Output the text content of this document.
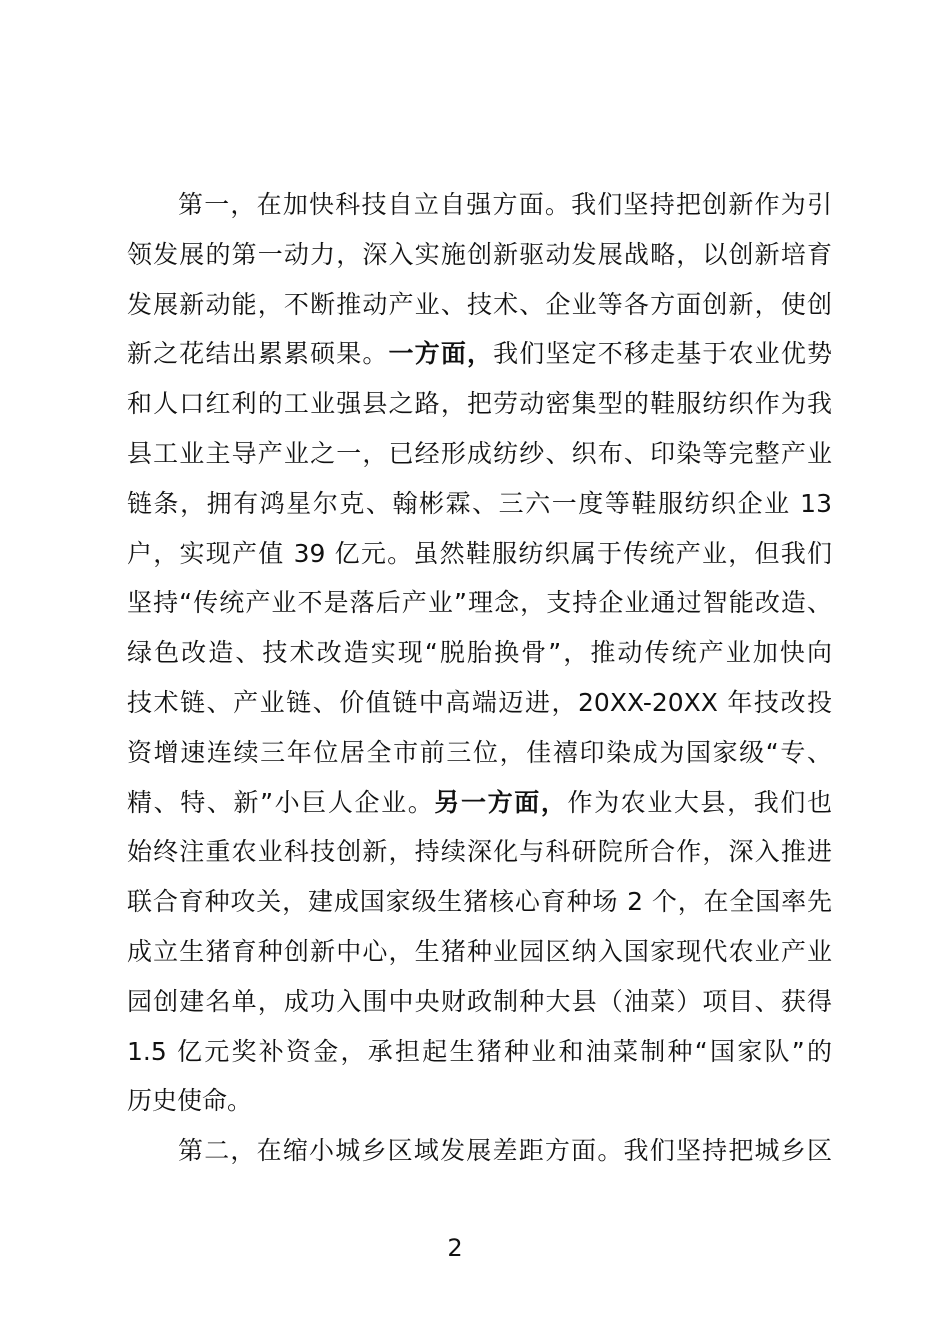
第一，在加快科技自立自强方面。我们坚持把创新作为引
领发展的第一动力，深入实施创新驱动发展战略，以创新培育
发展新动能，不断推动产业、技术、企业等各方面创新，使创
新之花结出累累硕果。一方面，我们坚定不移走基于农业优势
和人口红利的工业强县之路，把劳动密集型的鞋服纺织作为我
县工业主导产业之一，已经形成纺纱、织布、印染等完整产业
链条，拥有鸿星尔克、翰彬霖、三六一度等鞋服纺织企业 13
户，实现产值 39 亿元。虽然鞋服纺织属于传统产业，但我们
坚持“传统产业不是落后产业”理念，支持企业通过智能改造、
绿色改造、技术改造实现“脱胎换骨”，推动传统产业加快向
技术链、产业链、价值链中高端迈进，20XX-20XX 年技改投
资增速连续三年位居全市前三位，佳禧印染成为国家级“专、
精、特、新”小巨人企业。另一方面，作为农业大县，我们也
始终注重农业科技创新，持续深化与科研院所合作，深入推进
联合育种攻关，建成国家级生猪核心育种场 2 个，在全国率先
成立生猪育种创新中心，生猪种业园区纳入国家现代农业产业
园创建名单，成功入围中央财政制种大县（油菜）项目、获得
1.5 亿元奖补资金，承担起生猪种业和油菜制种“国家队”的
历史使命。
第二，在缩小城乡区域发展差距方面。我们坚持把城乡区
2
